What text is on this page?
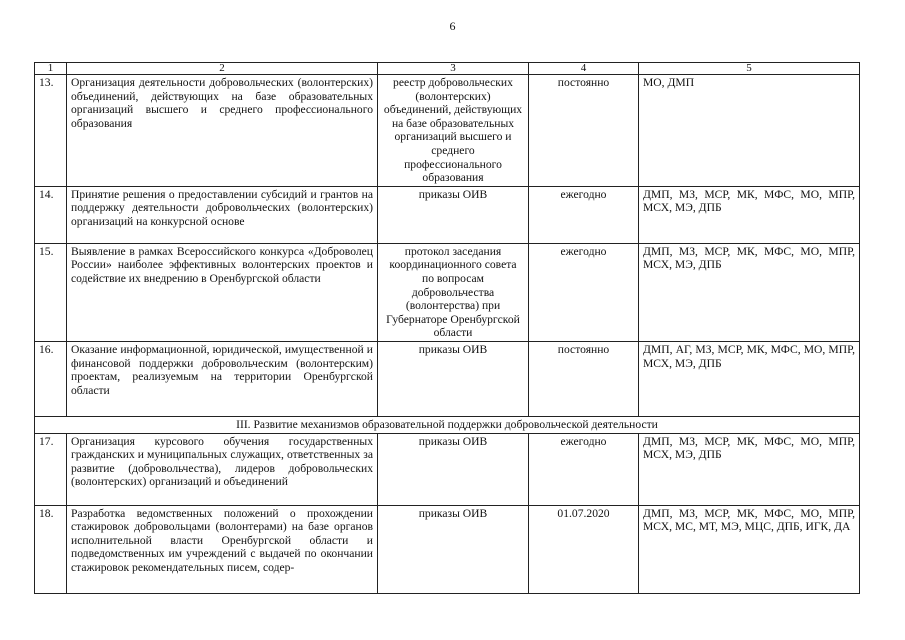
6
1	2	3	4	5
13.	Организация деятельности добровольческих (волонтерских) объединений, действующих на базе образовательных организаций высшего и среднего профессионального образования	реестр добровольческих (волонтерских) объединений, действующих на базе образовательных организаций высшего и среднего профессионального образования	постоянно	МО, ДМП
14.	Принятие решения о предоставлении субсидий и грантов на поддержку деятельности добровольческих (волонтерских) организаций на конкурсной основе	приказы ОИВ	ежегодно	ДМП, МЗ, МСР, МК, МФС, МО, МПР, МСХ, МЭ, ДПБ
15.	Выявление в рамках Всероссийского конкурса «Доброволец России» наиболее эффективных волонтерских проектов и содействие их внедрению в Оренбургской области	протокол заседания координационного совета по вопросам добровольчества (волонтерства) при Губернаторе Оренбургской области	ежегодно	ДМП, МЗ, МСР, МК, МФС, МО, МПР, МСХ, МЭ, ДПБ
16.	Оказание информационной, юридической, имущественной и финансовой поддержки добровольческим (волонтерским) проектам, реализуемым на территории Оренбургской области	приказы ОИВ	постоянно	ДМП, АГ, МЗ, МСР, МК, МФС, МО, МПР, МСХ, МЭ, ДПБ
III. Развитие механизмов образовательной поддержки добровольческой деятельности				
17.	Организация курсового обучения государственных гражданских и муниципальных служащих, ответственных за развитие (добровольчества), лидеров добровольческих (волонтерских) организаций и объединений	приказы ОИВ	ежегодно	ДМП, МЗ, МСР, МК, МФС, МО, МПР, МСХ, МЭ, ДПБ
18.	Разработка ведомственных положений о прохождении стажировок добровольцами (волонтерами) на базе органов исполнительной власти Оренбургской области и подведомственных им учреждений с выдачей по окончании стажировок рекомендательных писем, содер-	приказы ОИВ	01.07.2020	ДМП, МЗ, МСР, МК, МФС, МО, МПР, МСХ, МС, МТ, МЭ, МЦС, ДПБ, ИГК, ДА
